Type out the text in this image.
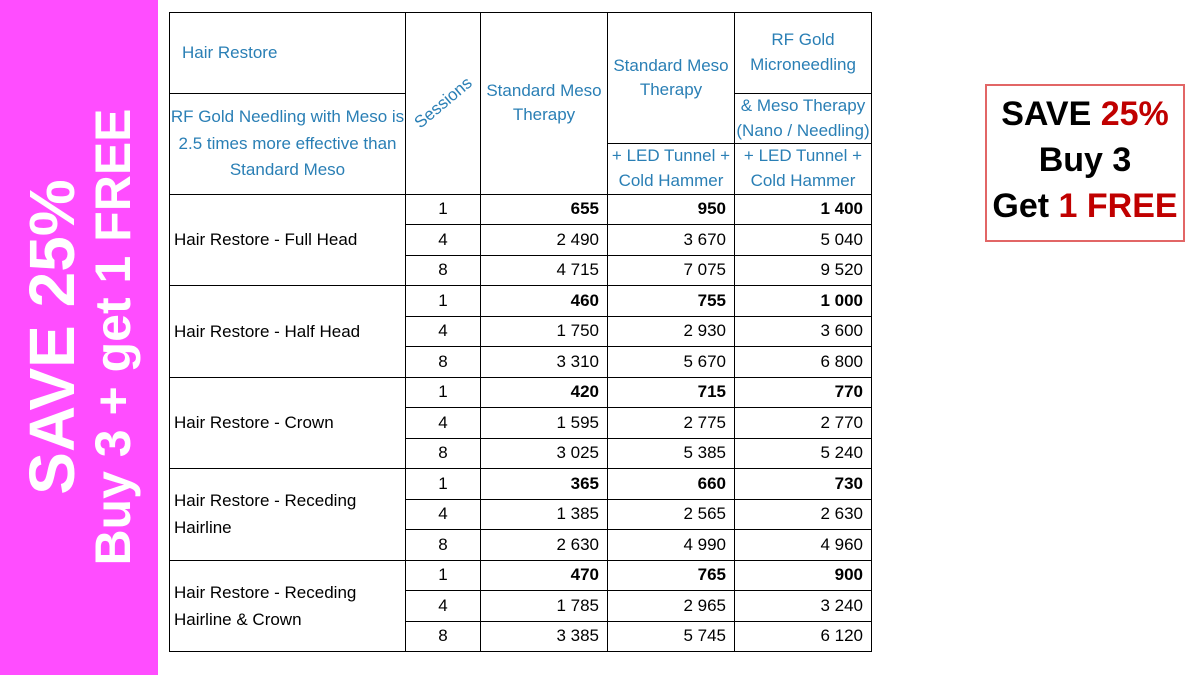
SAVE 25%
Buy 3 + get 1 FREE
Hair Restore	Sessions	Standard Meso Therapy	Standard Meso Therapy	RF Gold Microneedling
RF Gold Needling with Meso is 2.5 times more effective than Standard Meso				& Meso Therapy (Nano / Needling)
			+ LED Tunnel + Cold Hammer	+ LED Tunnel + Cold Hammer
Hair Restore - Full Head	1	655	950	1 400
	4	2 490	3 670	5 040
	8	4 715	7 075	9 520
Hair Restore - Half Head	1	460	755	1 000
	4	1 750	2 930	3 600
	8	3 310	5 670	6 800
Hair Restore - Crown	1	420	715	770
	4	1 595	2 775	2 770
	8	3 025	5 385	5 240
Hair Restore - Receding Hairline	1	365	660	730
	4	1 385	2 565	2 630
	8	2 630	4 990	4 960
Hair Restore - Receding Hairline & Crown	1	470	765	900
	4	1 785	2 965	3 240
	8	3 385	5 745	6 120
SAVE 25%
Buy 3
Get 1 FREE
